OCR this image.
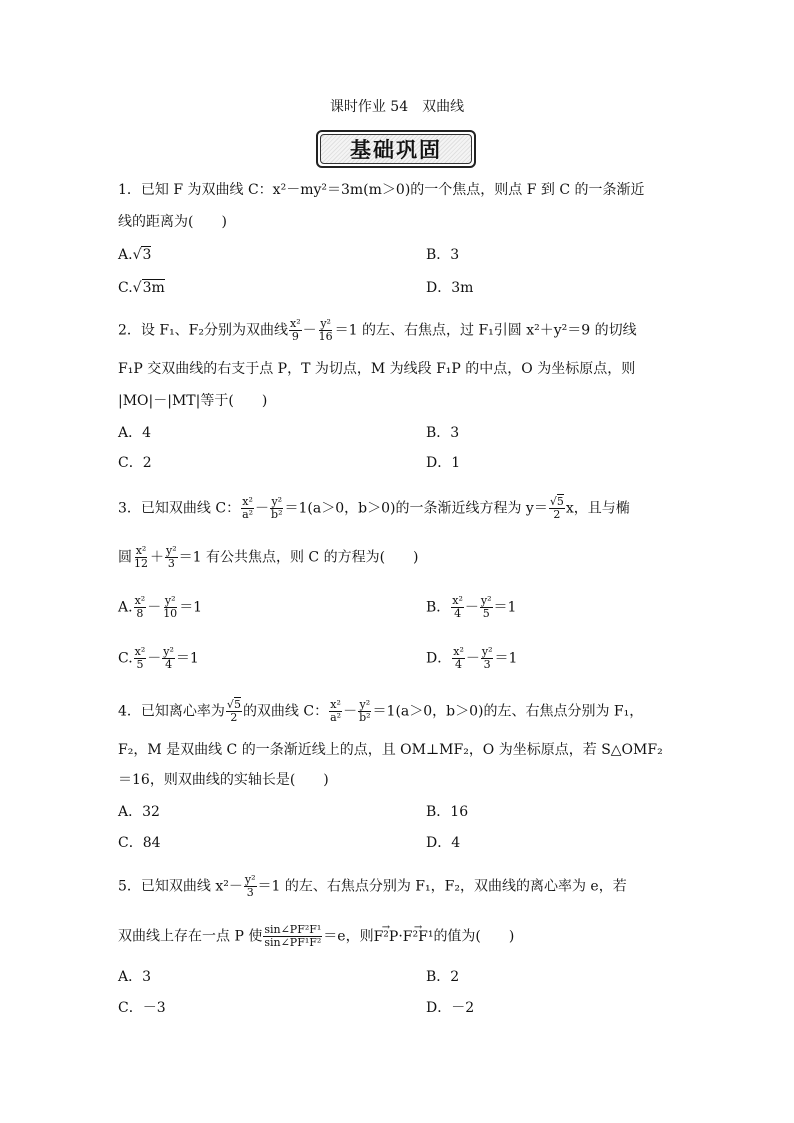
课时作业 54　双曲线
基础巩固
1．已知 F 为双曲线 C：x²－my²＝3m(m＞0)的一个焦点，则点 F 到 C 的一条渐近
线的距离为(　　)
A.√3	B．3
C.√3m	D．3m
2．设 F₁、F₂分别为双曲线 $\frac{\text{x²}}{9} - \frac{\text{y²}}{16} =1$ 的左、右焦点，过 F₁引圆 x²＋y²＝9 的切线
F₁P 交双曲线的右支于点 P，T 为切点，M 为线段 F₁P 的中点，O 为坐标原点，则
|MO|－|MT|等于(　　)
A．4	B．3
C．2	D．1
3．已知双曲线 C： $\frac{\text{x²}}{\text{a²}} - \frac{\text{y²}}{\text{b²}} =1(a>0$，b＞0)的一条渐近线方程为 $y= \frac{√5}{2}$ x，且与椭
圆 $\frac{\text{x²}}{12} + \frac{\text{y²}}{3} =1$ 有公共焦点，则 C 的方程为(　　)
A. $\frac{\text{x²}}{8} - \frac{\text{y²}}{10} =1$	B． $\frac{\text{x²}}{4} - \frac{\text{y²}}{5} =1$
C. $\frac{\text{x²}}{5} - \frac{\text{y²}}{4} =1$	D． $\frac{\text{x²}}{4} - \frac{\text{y²}}{3} =1$
4．已知离心率为 $\frac{√5}{2}$ 的双曲线 C： $\frac{\text{x²}}{\text{a²}} - \frac{\text{y²}}{\text{b²}} =1(a>0$，b＞0)的左、右焦点分别为 F₁，
F₂，M 是双曲线 C 的一条渐近线上的点，且 OM⊥MF₂，O 为坐标原点，若 S△OMF₂
＝16，则双曲线的实轴长是(　　)
A．32	B．16
C．84	D．4
5．已知双曲线 $x^2- \frac{\text{y²}}{3} =1$ 的左、右焦点分别为 F₁，F₂，双曲线的离心率为 e，若
双曲线上存在一点 P 使 $\frac{\text{sin∠PF²F¹}}{\text{sin∠PF¹F²}} =e$，则→ F²P·→ F²F¹的值为(　　)
A．3	B．2
C．－3	D．－2
